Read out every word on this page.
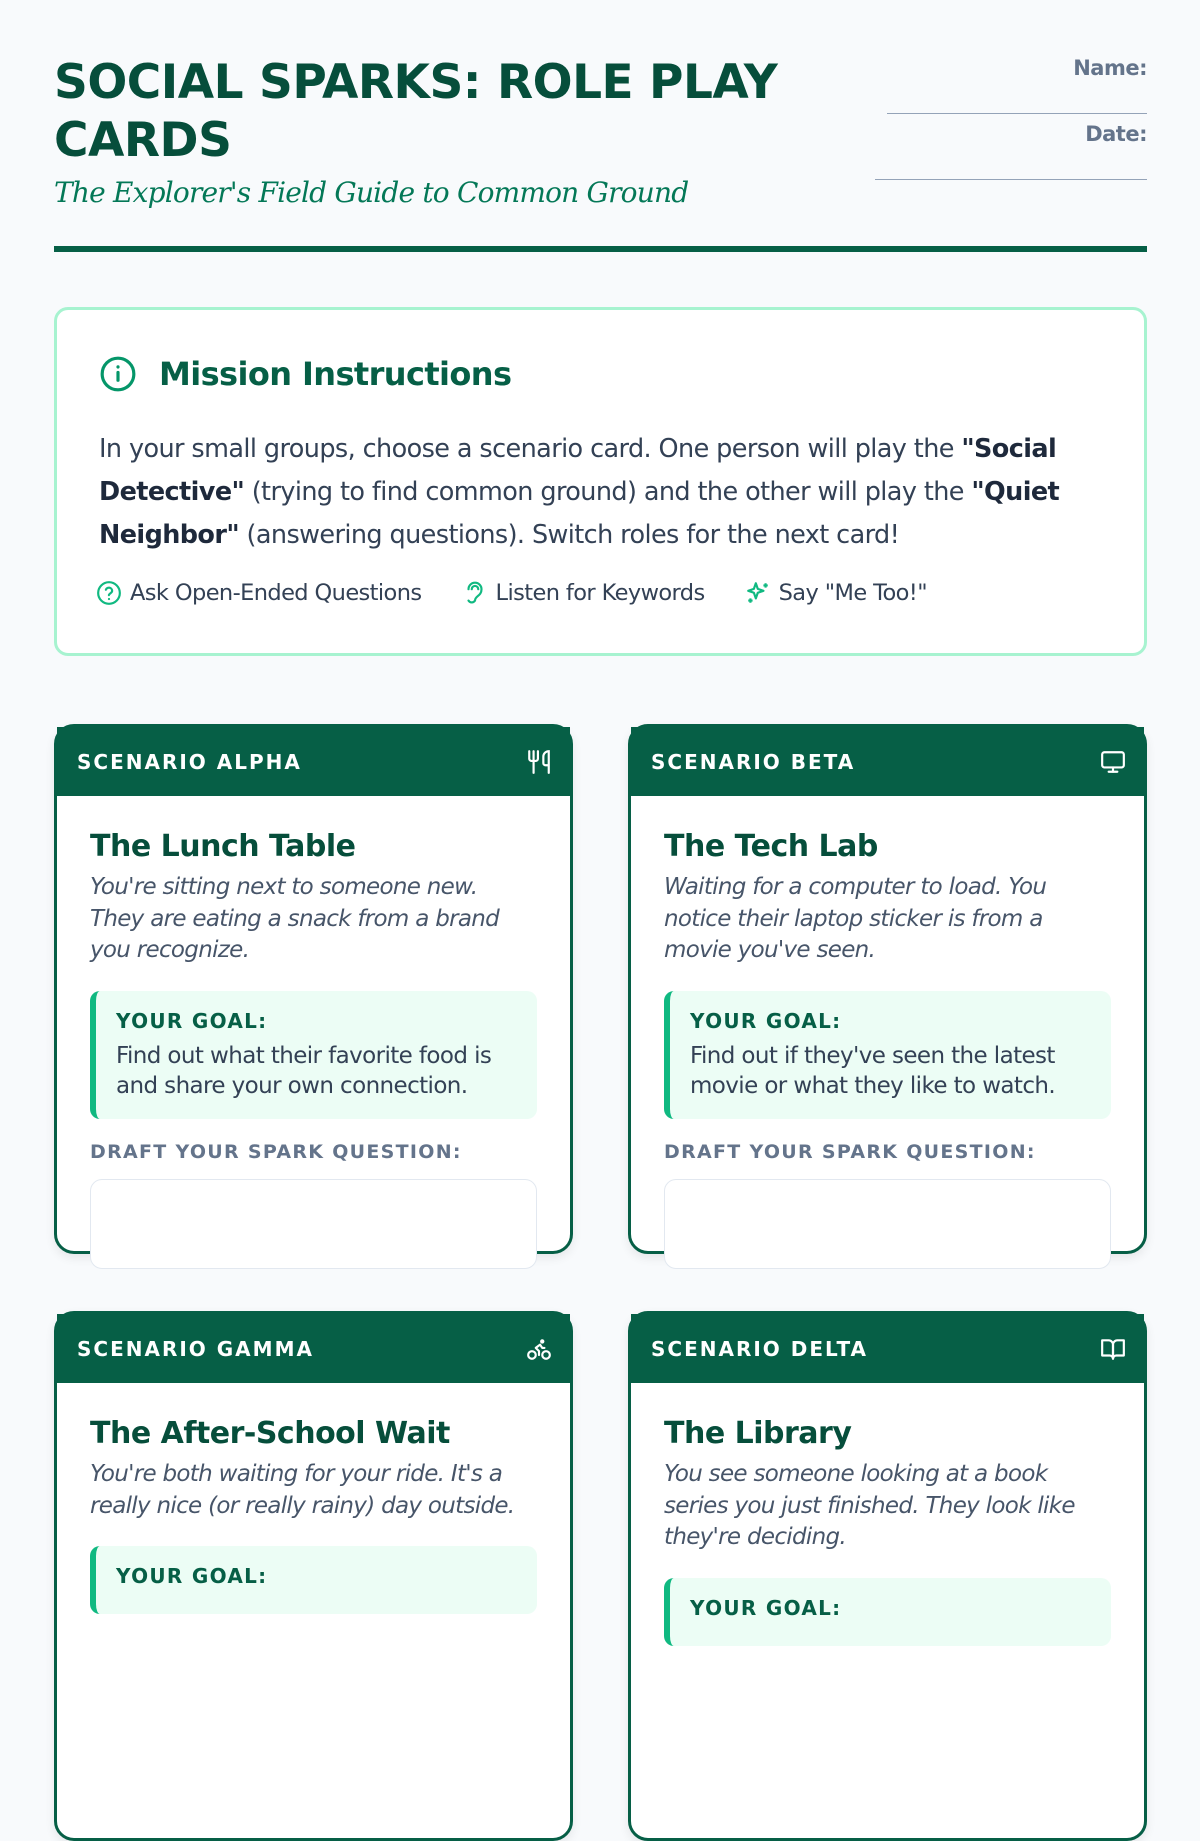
SOCIAL SPARKS: ROLE PLAY CARDS
The Explorer's Field Guide to Common Ground
Name:
Date:
Mission Instructions

In your small groups, choose a scenario card. One person will play the "Social Detective" (trying to find common ground) and the other will play the "Quiet Neighbor" (answering questions). Switch roles for the next card!

Ask Open-Ended Questions	Listen for Keywords	Say "Me Too!"
SCENARIO ALPHA
The Lunch Table

You're sitting next to someone new. They are eating a snack from a brand you recognize.

YOUR GOAL:
Find out what their favorite food is and share your own connection.
DRAFT YOUR SPARK QUESTION:
SCENARIO BETA
The Tech Lab

Waiting for a computer to load. You notice their laptop sticker is from a movie you've seen.

YOUR GOAL:
Find out if they've seen the latest movie or what they like to watch.
DRAFT YOUR SPARK QUESTION:
SCENARIO GAMMA
The After-School Wait

You're both waiting for your ride. It's a really nice (or really rainy) day outside.

YOUR GOAL:
SCENARIO DELTA
The Library

You see someone looking at a book series you just finished. They look like they're deciding.

YOUR GOAL:
